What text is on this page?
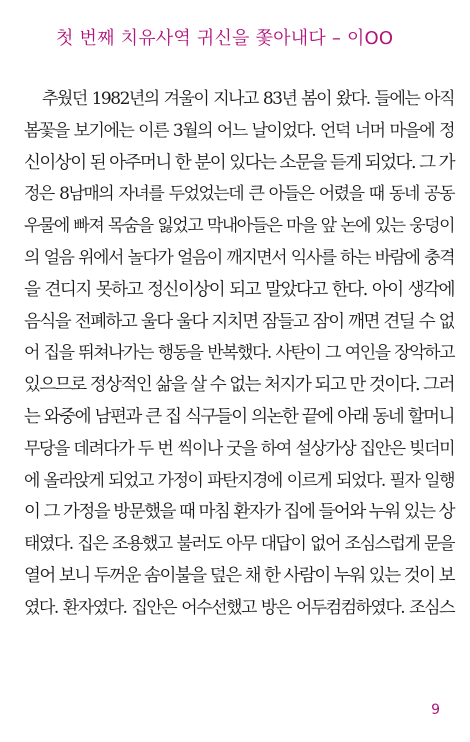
첫 번째 치유사역 귀신을 쫓아내다 – 이OO
추웠던 1982년의 겨울이 지나고 83년 봄이 왔다. 들에는 아직
봄꽃을 보기에는 이른 3월의 어느 날이었다. 언덕 너머 마을에 정
신이상이 된 아주머니 한 분이 있다는 소문을 듣게 되었다. 그 가
정은 8남매의 자녀를 두었었는데 큰 아들은 어렸을 때 동네 공동
우물에 빠져 목숨을 잃었고 막내아들은 마을 앞 논에 있는 웅덩이
의 얼음 위에서 놀다가 얼음이 깨지면서 익사를 하는 바람에 충격
을 견디지 못하고 정신이상이 되고 말았다고 한다. 아이 생각에
음식을 전폐하고 울다 울다 지치면 잠들고 잠이 깨면 견딜 수 없
어 집을 뛰쳐나가는 행동을 반복했다. 사탄이 그 여인을 장악하고
있으므로 정상적인 삶을 살 수 없는 처지가 되고 만 것이다. 그러
는 와중에 남편과 큰 집 식구들이 의논한 끝에 아래 동네 할머니
무당을 데려다가 두 번 씩이나 굿을 하여 설상가상 집안은 빚더미
에 올라앉게 되었고 가정이 파탄지경에 이르게 되었다. 필자 일행
이 그 가정을 방문했을 때 마침 환자가 집에 들어와 누워 있는 상
태였다. 집은 조용했고 불러도 아무 대답이 없어 조심스럽게 문을
열어 보니 두꺼운 솜이불을 덮은 채 한 사람이 누워 있는 것이 보
였다. 환자였다. 집안은 어수선했고 방은 어두컴컴하였다. 조심스
9
